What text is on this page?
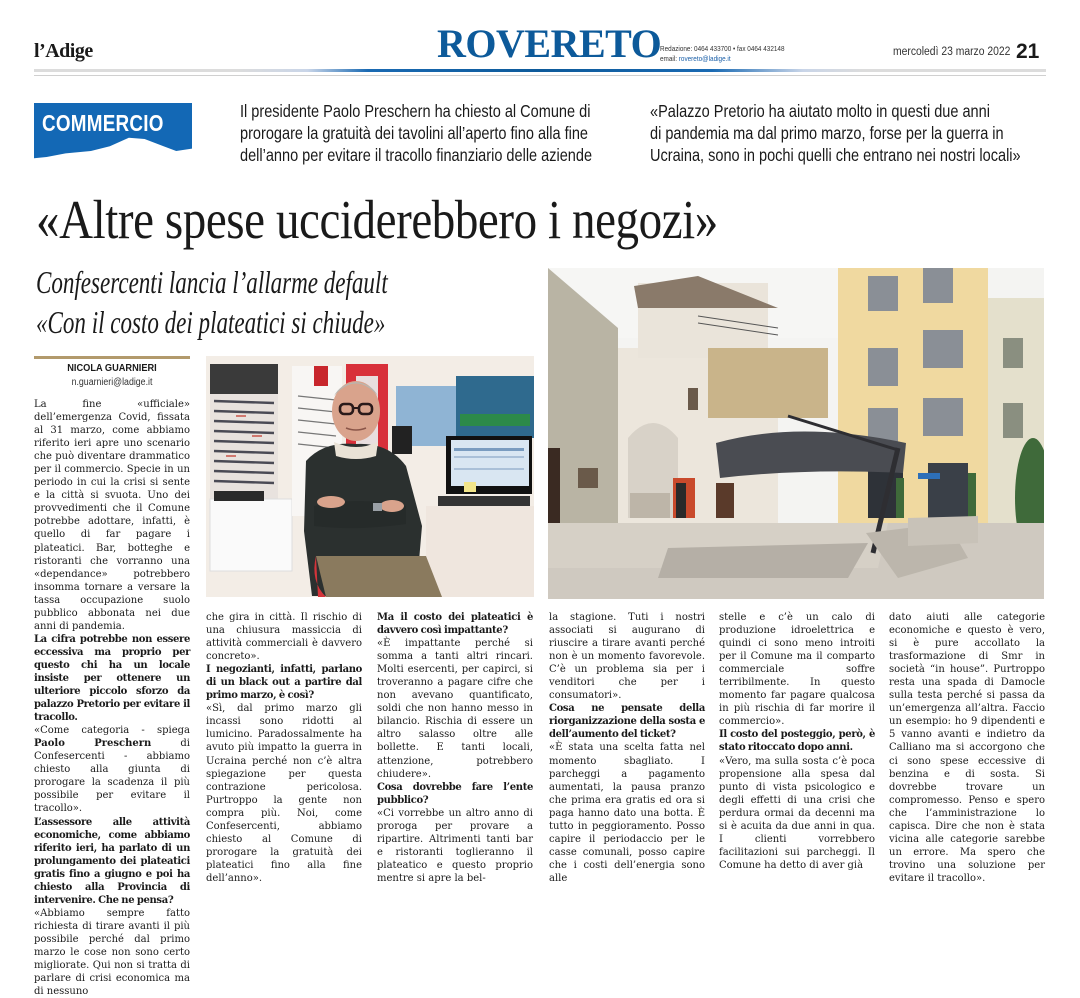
l’Adige	ROVERETO
Redazione: 0464 433700 • fax 0464 432148
email: rovereto@ladige.it
mercoledì 23 marzo 2022 21
COMMERCIO	Il presidente Paolo Preschern ha chiesto al Comune di
prorogare la gratuità dei tavolini all’aperto fino alla fine
dell’anno per evitare il tracollo finanziario delle aziende
«Palazzo Pretorio ha aiutato molto in questi due anni
di pandemia ma dal primo marzo, forse per la guerra in
Ucraina, sono in pochi quelli che entrano nei nostri locali»
«Altre spese ucciderebbero i negozi»
Confesercenti lancia l’allarme default
«Con il costo dei plateatici si chiude»
NICOLA GUARNIERI
n.guarnieri@ladige.it

La fine «ufficiale» dell’emergenza Covid, fissata al 31 marzo, come abbiamo riferito ieri apre uno scenario che può diventare drammatico per il commercio. Specie in un periodo in cui la crisi si sente e la città si svuota. Uno dei provvedimenti che il Comune potrebbe adottare, infatti, è quello di far pagare i plateatici. Bar, botteghe e ristoranti che vorranno una «dependance» potrebbero insomma tornare a versare la tassa occupazione suolo pubblico abbonata nei due anni di pandemia.

La cifra potrebbe non essere eccessiva ma proprio per questo chi ha un locale insiste per ottenere un ulteriore piccolo sforzo da palazzo Pretorio per evitare il tracollo.

«Come categoria - spiega Paolo Preschern di Confesercenti - abbiamo chiesto alla giunta di prorogare la scadenza il più possibile per evitare il tracollo».

L’assessore alle attività economiche, come abbiamo riferito ieri, ha parlato di un prolungamento dei plateatici gratis fino a giugno e poi ha chiesto alla Provincia di intervenire. Che ne pensa?

«Abbiamo sempre fatto richiesta di tirare avanti il più possibile perché dal primo marzo le cose non sono certo migliorate. Qui non si tratta di parlare di crisi economica ma di nessuno

che gira in città. Il rischio di una chiusura massiccia di attività commerciali è davvero concreto».

I negozianti, infatti, parlano di un black out a partire dal primo marzo, è così?

«Sì, dal primo marzo gli incassi sono ridotti al lumicino. Paradossalmente ha avuto più impatto la guerra in Ucraina perché non c’è altra spiegazione per questa contrazione pericolosa. Purtroppo la gente non compra più. Noi, come Confesercenti, abbiamo chiesto al Comune di prorogare la gratuità dei plateatici fino alla fine dell’anno».

Ma il costo dei plateatici è davvero così impattante?

«È impattante perché si somma a tanti altri rincari. Molti esercenti, per capirci, si troveranno a pagare cifre che non avevano quantificato, soldi che non hanno messo in bilancio. Rischia di essere un altro salasso oltre alle bollette. E tanti locali, attenzione, potrebbero chiudere».

Cosa dovrebbe fare l’ente pubblico?

«Ci vorrebbe un altro anno di proroga per provare a ripartire. Altrimenti tanti bar e ristoranti toglieranno il plateatico e questo proprio mentre si apre la bel-

la stagione. Tuti i nostri associati si augurano di riuscire a tirare avanti perché non è un momento favorevole. C’è un problema sia per i venditori che per i consumatori».

Cosa ne pensate della riorganizzazione della sosta e dell’aumento del ticket?

«È stata una scelta fatta nel momento sbagliato. I parcheggi a pagamento aumentati, la pausa pranzo che prima era gratis ed ora si paga hanno dato una botta. È tutto in peggioramento. Posso capire il periodaccio per le casse comunali, posso capire che i costi dell’energia sono alle

stelle e c’è un calo di produzione idroelettrica e quindi ci sono meno introiti per il Comune ma il comparto commerciale soffre terribilmente. In questo momento far pagare qualcosa in più rischia di far morire il commercio».

Il costo del posteggio, però, è stato ritoccato dopo anni.

«Vero, ma sulla sosta c’è poca propensione alla spesa dal punto di vista psicologico e degli effetti di una crisi che perdura ormai da decenni ma si è acuita da due anni in qua. I clienti vorrebbero facilitazioni sui parcheggi. Il Comune ha detto di aver già

dato aiuti alle categorie economiche e questo è vero, si è pure accollato la trasformazione di Smr in società “in house”. Purtroppo resta una spada di Damocle sulla testa perché si passa da un’emergenza all’altra. Faccio un esempio: ho 9 dipendenti e 5 vanno avanti e indietro da Calliano ma si accorgono che ci sono spese eccessive di benzina e di sosta. Si dovrebbe trovare un compromesso. Penso e spero che l’amministrazione lo capisca. Dire che non è stata vicina alle categorie sarebbe un errore. Ma spero che trovino una soluzione per evitare il tracollo».
